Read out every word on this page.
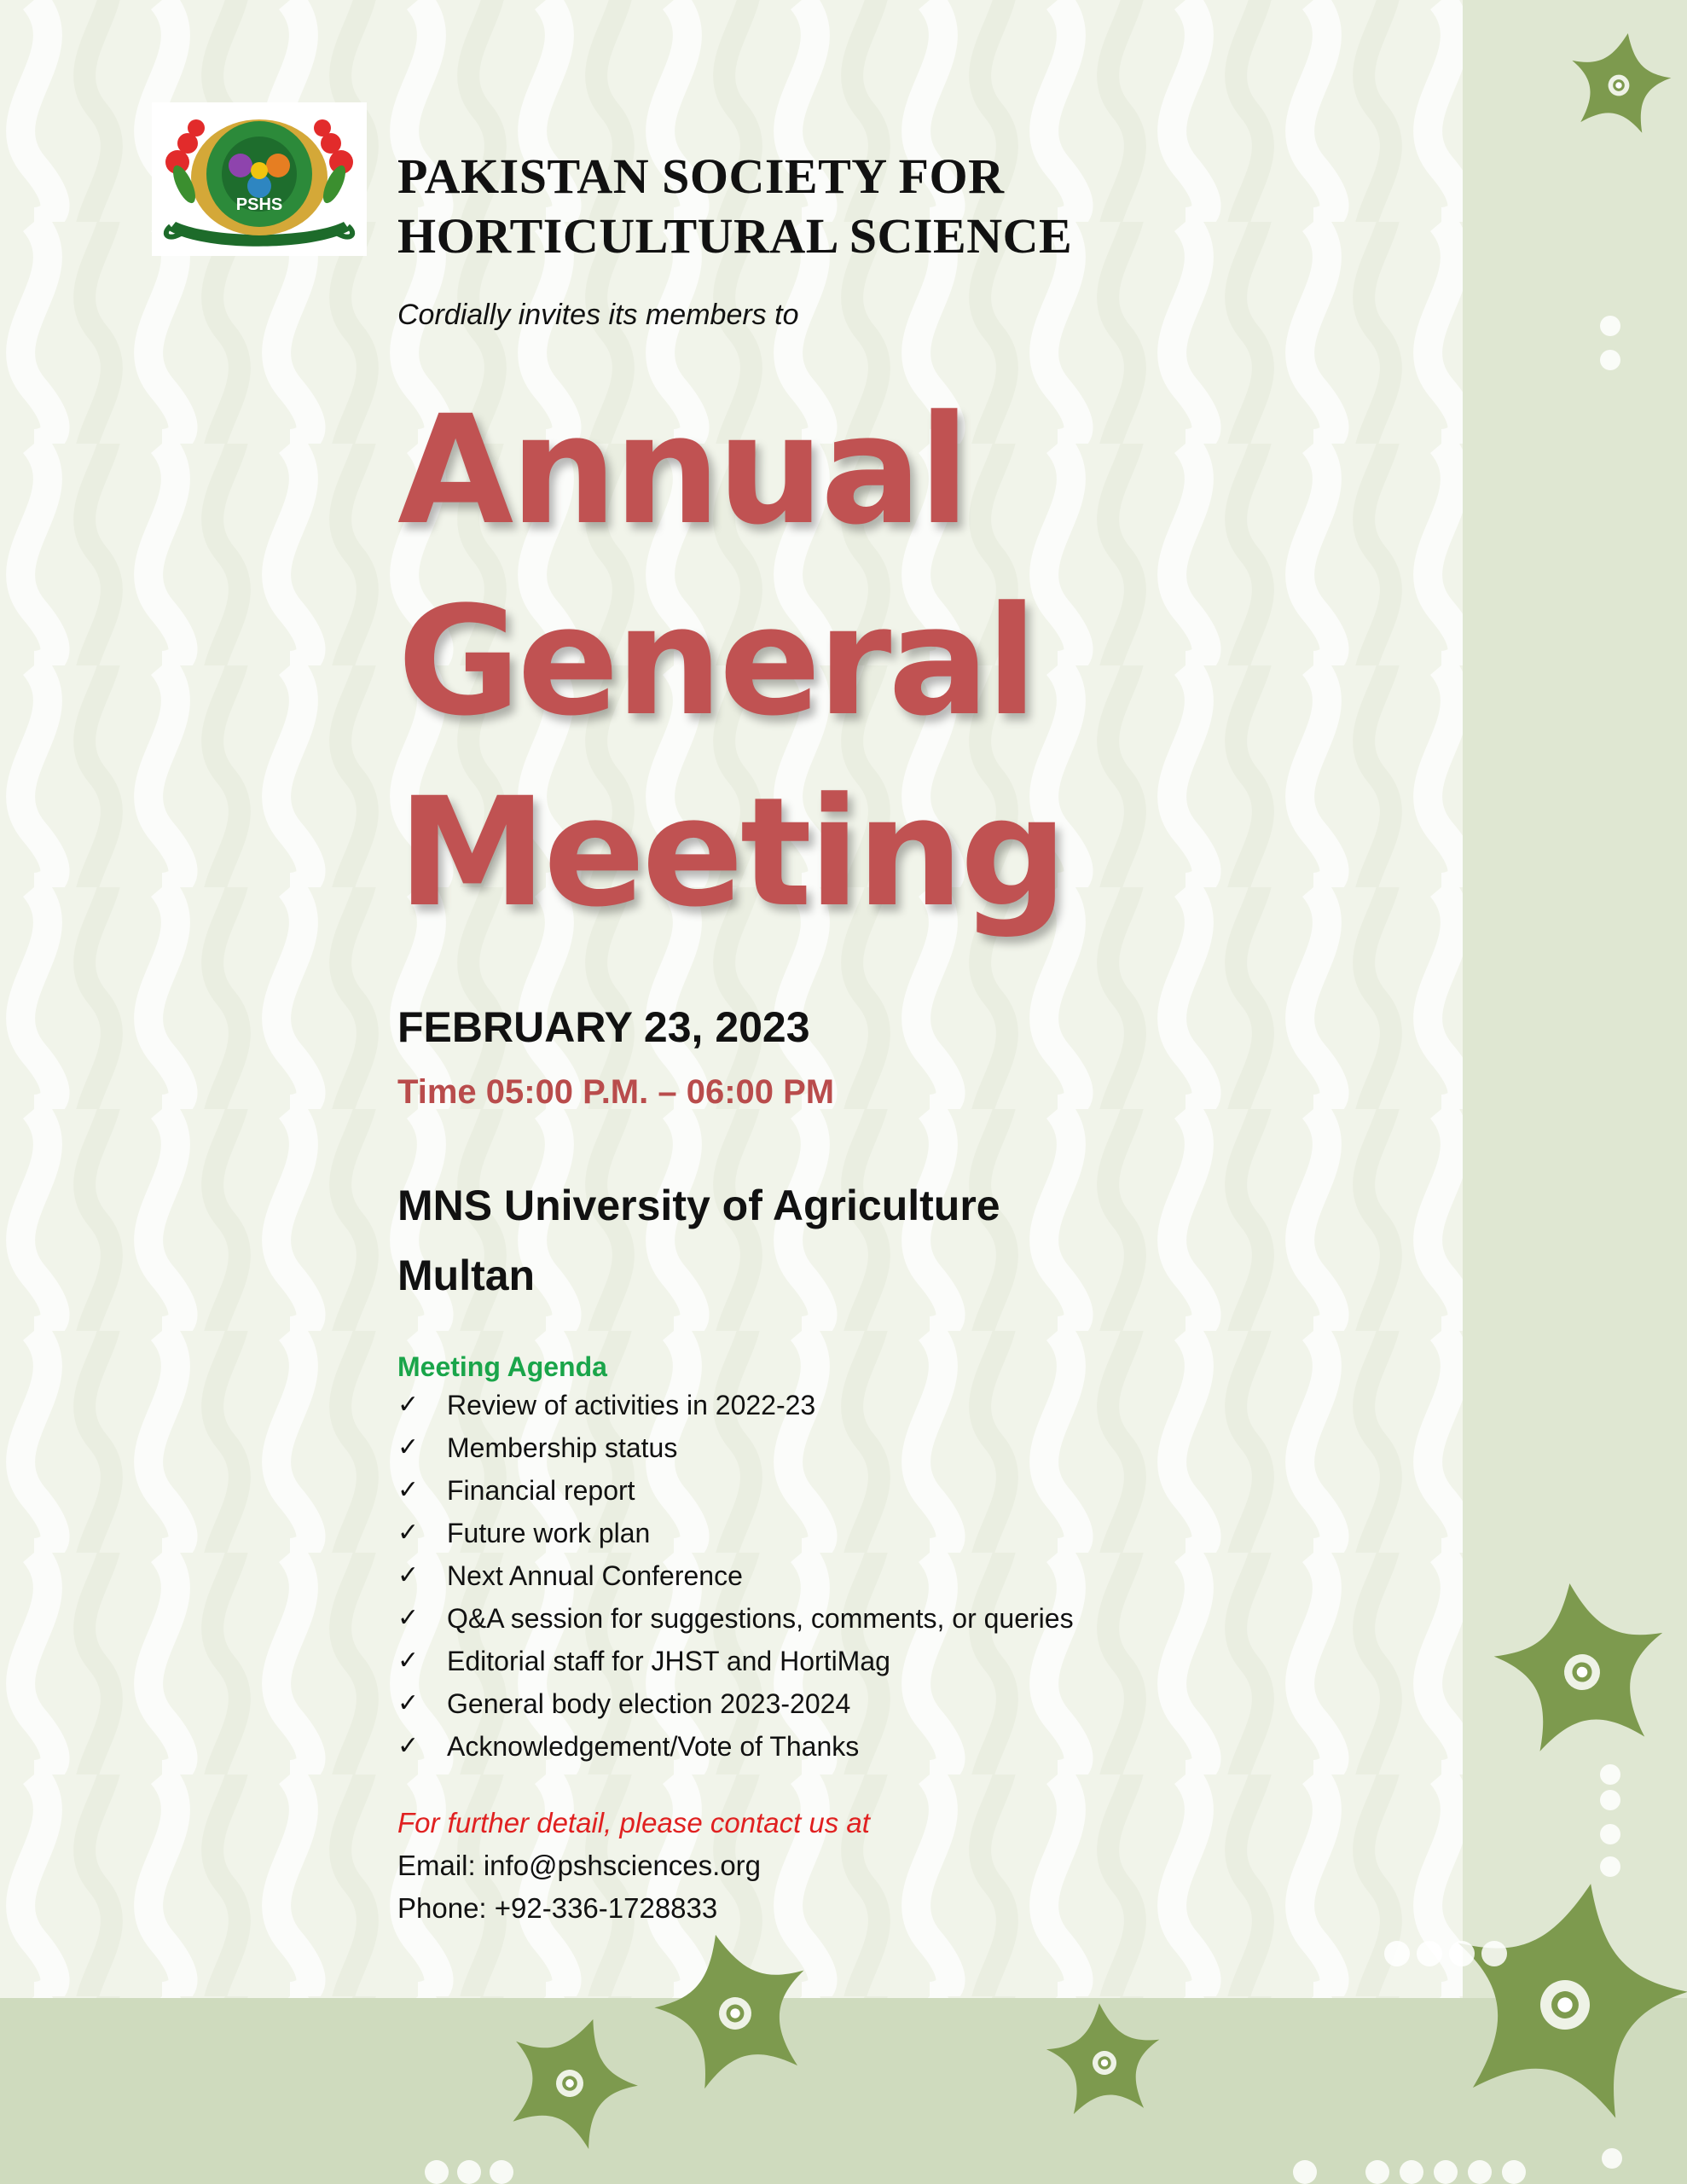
PSHS
PAKISTAN SOCIETY FOR
HORTICULTURAL SCIENCE
Cordially invites its members to
Annual
General
Meeting
FEBRUARY 23, 2023
Time 05:00 P.M. – 06:00 PM
MNS University of Agriculture
Multan
Meeting Agenda
✓ Review of activities in 2022-23
✓ Membership status
✓ Financial report
✓ Future work plan
✓ Next Annual Conference
✓ Q&A session for suggestions, comments, or queries
✓ Editorial staff for JHST and HortiMag
✓ General body election 2023-2024
✓ Acknowledgement/Vote of Thanks
For further detail, please contact us at
Email: info@pshsciences.org
Phone: +92-336-1728833
